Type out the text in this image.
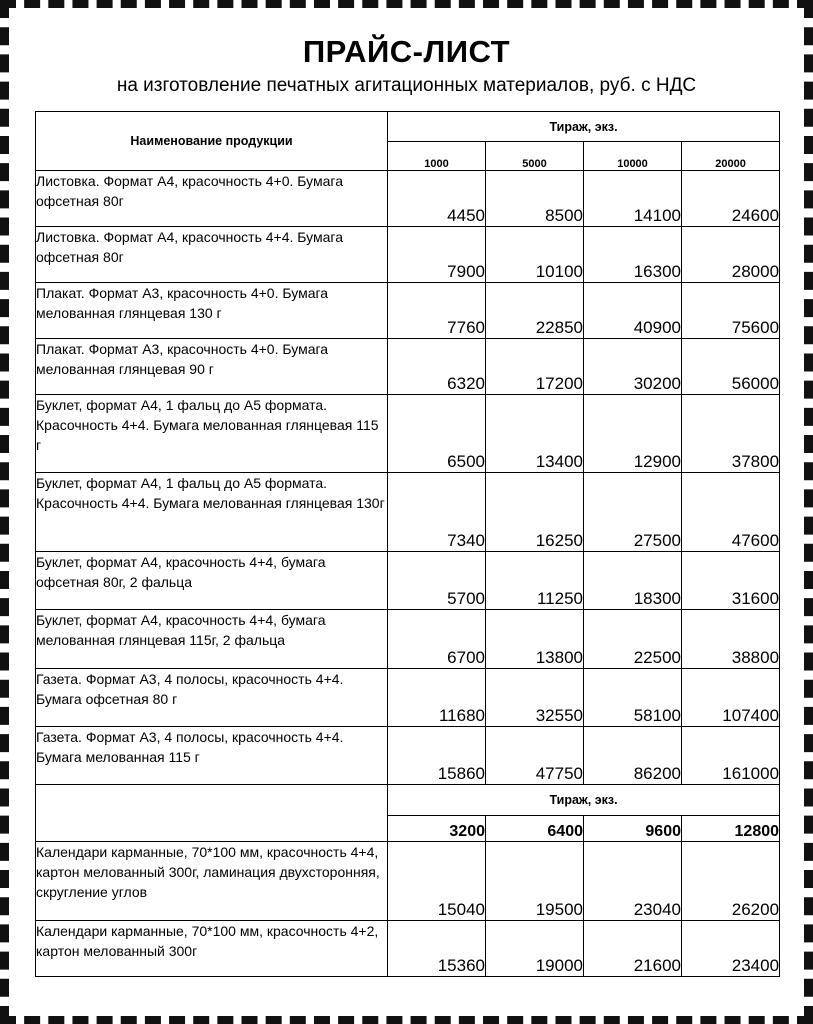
ПРАЙС-ЛИСТ
на изготовление печатных агитационных материалов, руб. с НДС
Наименование продукции	Тираж, экз.			
	1000	5000	10000	20000
Листовка. Формат А4, красочность 4+0. Бумага офсетная 80г	4450	8500	14100	24600
Листовка. Формат А4, красочность 4+4. Бумага офсетная 80г	7900	10100	16300	28000
Плакат. Формат А3, красочность 4+0. Бумага мелованная глянцевая 130 г	7760	22850	40900	75600
Плакат. Формат А3, красочность 4+0. Бумага мелованная глянцевая 90 г	6320	17200	30200	56000
Буклет, формат А4, 1 фальц до А5 формата. Красочность 4+4. Бумага мелованная глянцевая 115 г	6500	13400	12900	37800
Буклет, формат А4, 1 фальц до А5 формата. Красочность 4+4. Бумага мелованная глянцевая 130г	7340	16250	27500	47600
Буклет, формат А4, красочность 4+4, бумага офсетная 80г, 2 фальца	5700	11250	18300	31600
Буклет, формат А4, красочность 4+4, бумага мелованная глянцевая 115г, 2 фальца	6700	13800	22500	38800
Газета. Формат А3, 4 полосы, красочность 4+4. Бумага офсетная 80 г	11680	32550	58100	107400
Газета. Формат А3, 4 полосы, красочность 4+4. Бумага мелованная 115 г	15860	47750	86200	161000
	Тираж, экз.			
	3200	6400	9600	12800
Календари карманные, 70*100 мм, красочность 4+4, картон мелованный 300г, ламинация двухсторонняя, скругление углов	15040	19500	23040	26200
Календари карманные, 70*100 мм, красочность 4+2, картон мелованный 300г	15360	19000	21600	23400
